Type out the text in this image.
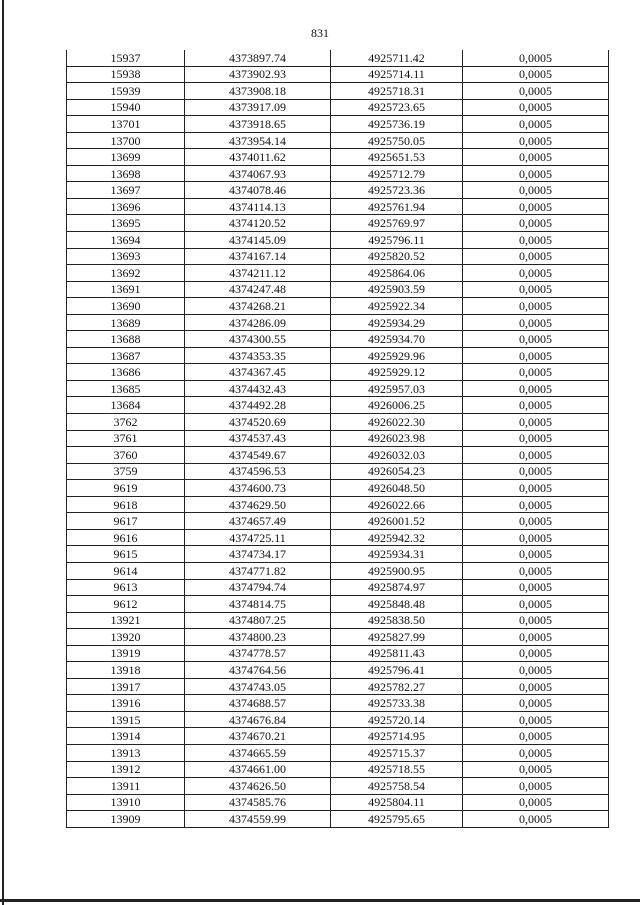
831
15937	4373897.74	4925711.42	0,0005
15938	4373902.93	4925714.11	0,0005
15939	4373908.18	4925718.31	0,0005
15940	4373917.09	4925723.65	0,0005
13701	4373918.65	4925736.19	0,0005
13700	4373954.14	4925750.05	0,0005
13699	4374011.62	4925651.53	0,0005
13698	4374067.93	4925712.79	0,0005
13697	4374078.46	4925723.36	0,0005
13696	4374114.13	4925761.94	0,0005
13695	4374120.52	4925769.97	0,0005
13694	4374145.09	4925796.11	0,0005
13693	4374167.14	4925820.52	0,0005
13692	4374211.12	4925864.06	0,0005
13691	4374247.48	4925903.59	0,0005
13690	4374268.21	4925922.34	0,0005
13689	4374286.09	4925934.29	0,0005
13688	4374300.55	4925934.70	0,0005
13687	4374353.35	4925929.96	0,0005
13686	4374367.45	4925929.12	0,0005
13685	4374432.43	4925957.03	0,0005
13684	4374492.28	4926006.25	0,0005
3762	4374520.69	4926022.30	0,0005
3761	4374537.43	4926023.98	0,0005
3760	4374549.67	4926032.03	0,0005
3759	4374596.53	4926054.23	0,0005
9619	4374600.73	4926048.50	0,0005
9618	4374629.50	4926022.66	0,0005
9617	4374657.49	4926001.52	0,0005
9616	4374725.11	4925942.32	0,0005
9615	4374734.17	4925934.31	0,0005
9614	4374771.82	4925900.95	0,0005
9613	4374794.74	4925874.97	0,0005
9612	4374814.75	4925848.48	0,0005
13921	4374807.25	4925838.50	0,0005
13920	4374800.23	4925827.99	0,0005
13919	4374778.57	4925811.43	0,0005
13918	4374764.56	4925796.41	0,0005
13917	4374743.05	4925782.27	0,0005
13916	4374688.57	4925733.38	0,0005
13915	4374676.84	4925720.14	0,0005
13914	4374670.21	4925714.95	0,0005
13913	4374665.59	4925715.37	0,0005
13912	4374661.00	4925718.55	0,0005
13911	4374626.50	4925758.54	0,0005
13910	4374585.76	4925804.11	0,0005
13909	4374559.99	4925795.65	0,0005
